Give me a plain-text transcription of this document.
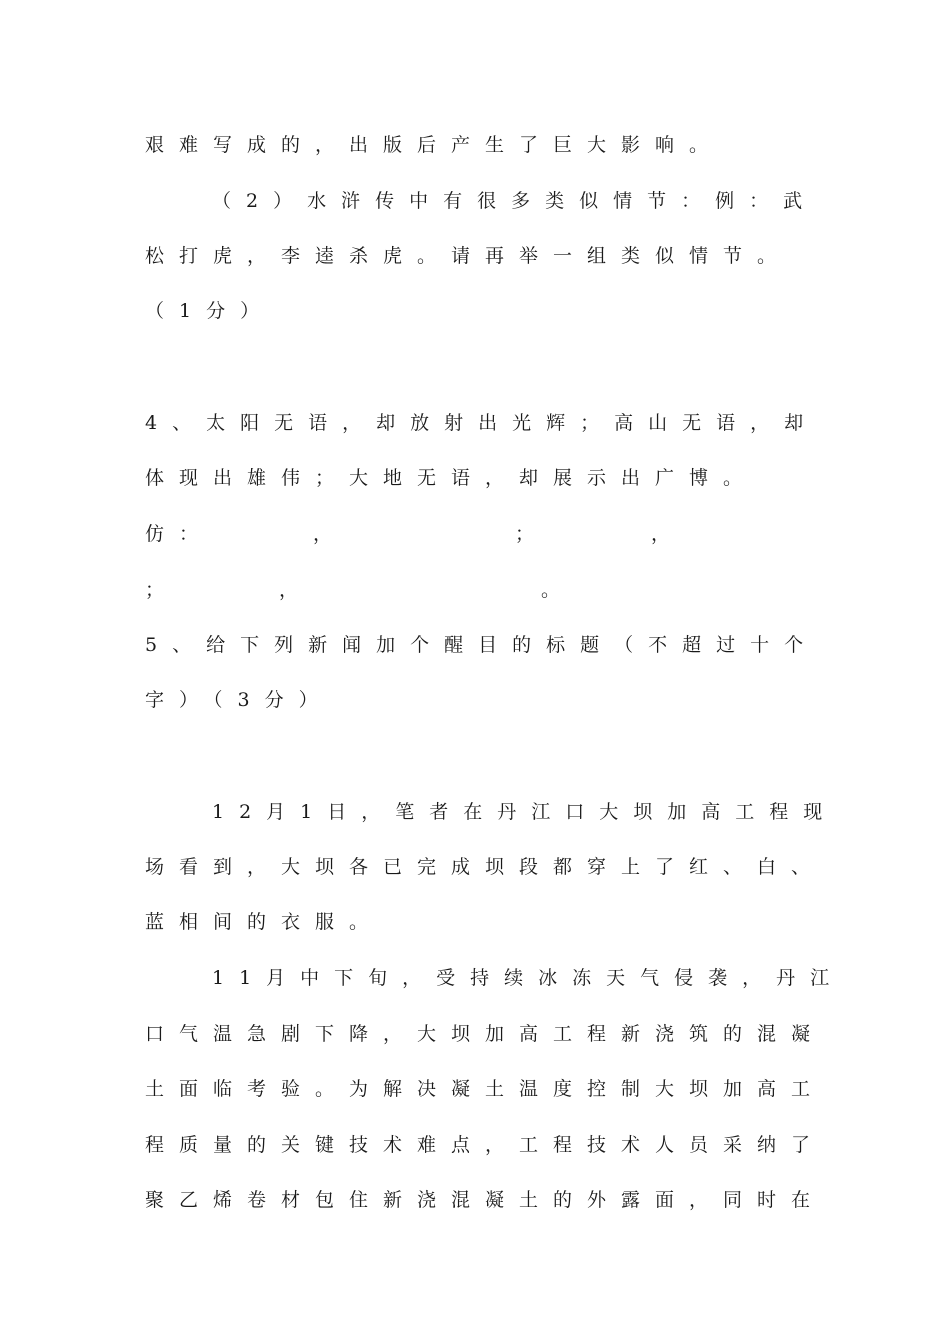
艰难写成的，出版后产生了巨大影响。
（2）水浒传中有很多类似情节：例：武
松打虎，李逵杀虎。请再举一组类似情节。
（1分）
4、太阳无语，却放射出光辉；高山无语，却
体现出雄伟；大地无语，却展示出广博。
仿：	，	；	，
；	，	。
5、给下列新闻加个醒目的标题（不超过十个
字）（3分）
12月1日，笔者在丹江口大坝加高工程现
场看到，大坝各已完成坝段都穿上了红、白、
蓝相间的衣服。
11月中下旬，受持续冰冻天气侵袭，丹江
口气温急剧下降，大坝加高工程新浇筑的混凝
土面临考验。为解决凝土温度控制大坝加高工
程质量的关键技术难点，工程技术人员采纳了
聚乙烯卷材包住新浇混凝土的外露面，同时在
